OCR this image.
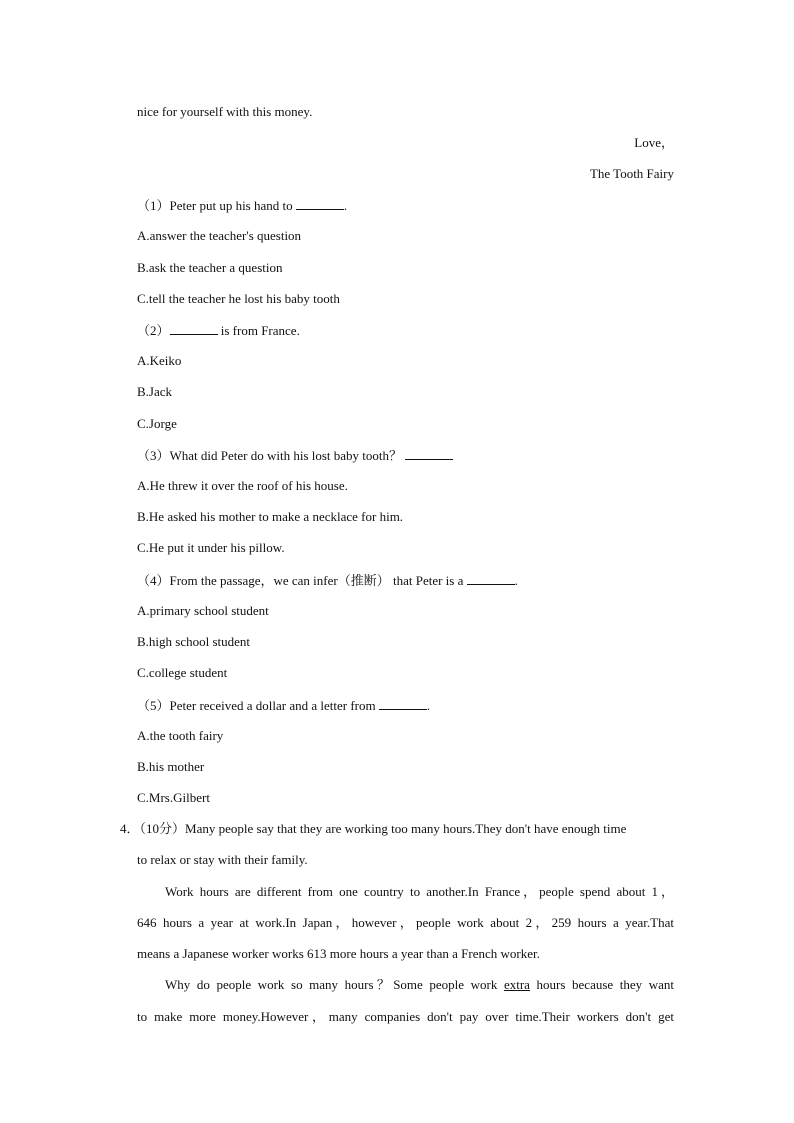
nice for yourself with this money.
Love，
The Tooth Fairy
（1）Peter put up his hand to	.
A.answer the teacher's question
B.ask the teacher a question
C.tell the teacher he lost his baby tooth
（2）	is from France.
A.Keiko
B.Jack
C.Jorge
（3）What did Peter do with his lost baby tooth？
A.He threw it over the roof of his house.
B.He asked his mother to make a necklace for him.
C.He put it under his pillow.
（4）From the passage，we can infer（推断） that Peter is a	.
A.primary school student
B.high school student
C.college student
（5）Peter received a dollar and a letter from	.
A.the tooth fairy
B.his mother
C.Mrs.Gilbert
4．（10分）Many people say that they are working too many hours.They don't have enough time
to relax or stay with their family.
Work hours are different from one country to another.In France，people spend about 1，
646 hours a year at work.In Japan，however，people work about 2，259 hours a year.That
means a Japanese worker works 613 more hours a year than a French worker.
Why do people work so many hours？Some people work extra hours because they want
to make more money.However，many companies don't pay over time.Their workers don't get
